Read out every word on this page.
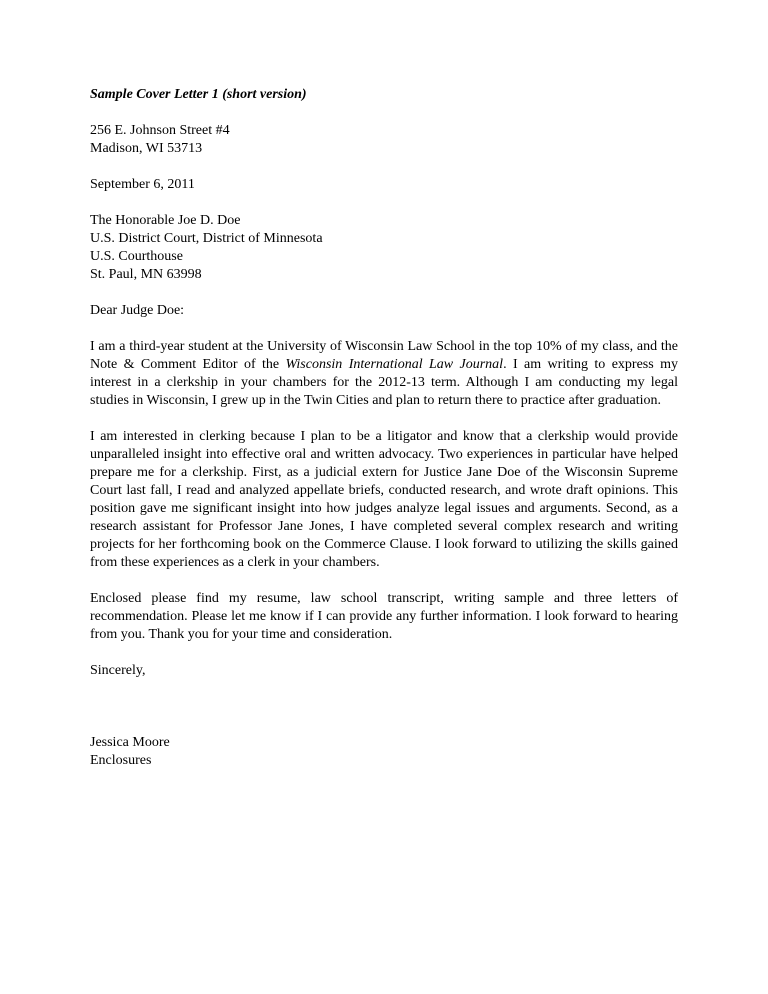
Sample Cover Letter 1 (short version)
256 E. Johnson Street #4
Madison, WI 53713
September 6, 2011
The Honorable Joe D. Doe
U.S. District Court, District of Minnesota
U.S. Courthouse
St. Paul, MN 63998
Dear Judge Doe:

I am a third-year student at the University of Wisconsin Law School in the top 10% of my class, and the Note & Comment Editor of the Wisconsin International Law Journal. I am writing to express my interest in a clerkship in your chambers for the 2012-13 term. Although I am conducting my legal studies in Wisconsin, I grew up in the Twin Cities and plan to return there to practice after graduation.

I am interested in clerking because I plan to be a litigator and know that a clerkship would provide unparalleled insight into effective oral and written advocacy. Two experiences in particular have helped prepare me for a clerkship. First, as a judicial extern for Justice Jane Doe of the Wisconsin Supreme Court last fall, I read and analyzed appellate briefs, conducted research, and wrote draft opinions. This position gave me significant insight into how judges analyze legal issues and arguments. Second, as a research assistant for Professor Jane Jones, I have completed several complex research and writing projects for her forthcoming book on the Commerce Clause. I look forward to utilizing the skills gained from these experiences as a clerk in your chambers.

Enclosed please find my resume, law school transcript, writing sample and three letters of recommendation. Please let me know if I can provide any further information. I look forward to hearing from you. Thank you for your time and consideration.

Sincerely,
Jessica Moore
Enclosures
